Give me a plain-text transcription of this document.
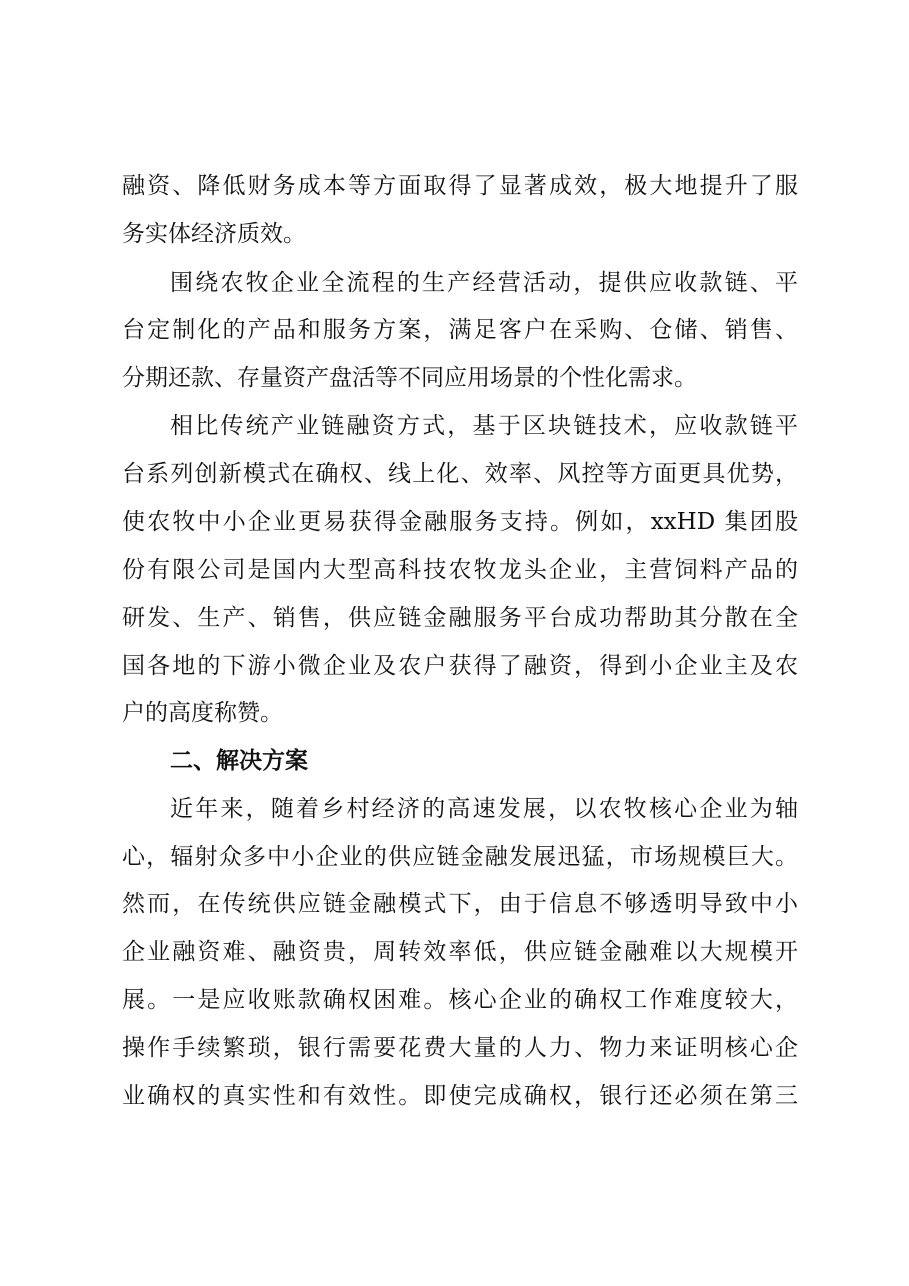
融资、降低财务成本等方面取得了显著成效，极大地提升了服
务实体经济质效。
围绕农牧企业全流程的生产经营活动，提供应收款链、平
台定制化的产品和服务方案，满足客户在采购、仓储、销售、
分期还款、存量资产盘活等不同应用场景的个性化需求。
相比传统产业链融资方式，基于区块链技术，应收款链平
台系列创新模式在确权、线上化、效率、风控等方面更具优势，
使农牧中小企业更易获得金融服务支持。例如，xxHD 集团股
份有限公司是国内大型高科技农牧龙头企业，主营饲料产品的
研发、生产、销售，供应链金融服务平台成功帮助其分散在全
国各地的下游小微企业及农户获得了融资，得到小企业主及农
户的高度称赞。
二、解决方案
近年来，随着乡村经济的高速发展，以农牧核心企业为轴
心，辐射众多中小企业的供应链金融发展迅猛，市场规模巨大。
然而，在传统供应链金融模式下，由于信息不够透明导致中小
企业融资难、融资贵，周转效率低，供应链金融难以大规模开
展。一是应收账款确权困难。核心企业的确权工作难度较大，
操作手续繁琐，银行需要花费大量的人力、物力来证明核心企
业确权的真实性和有效性。即使完成确权，银行还必须在第三
